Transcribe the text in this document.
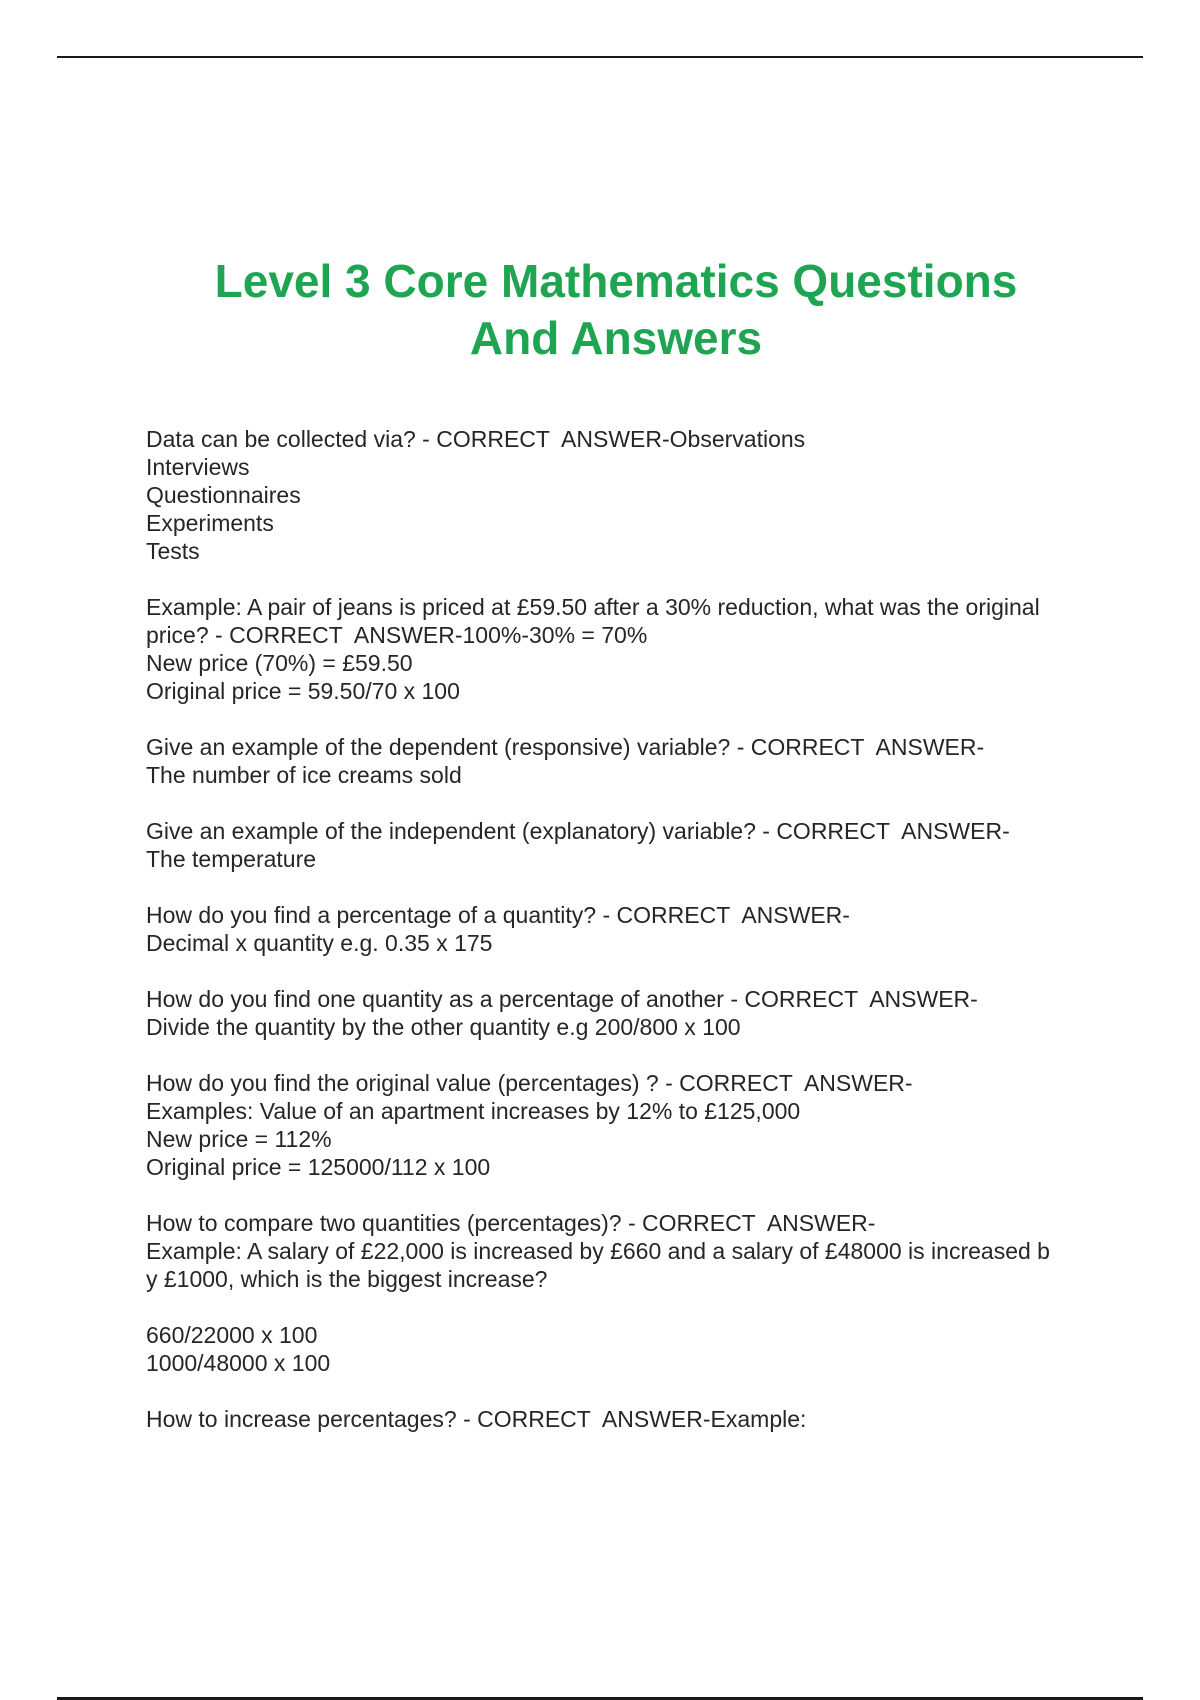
Level 3 Core Mathematics Questions
And Answers
Data can be collected via? - CORRECT  ANSWER-Observations
Interviews
Questionnaires
Experiments
Tests
Example: A pair of jeans is priced at £59.50 after a 30% reduction, what was the original
price? - CORRECT  ANSWER-100%-30% = 70%
New price (70%) = £59.50
Original price = 59.50/70 x 100
Give an example of the dependent (responsive) variable? - CORRECT  ANSWER-
The number of ice creams sold
Give an example of the independent (explanatory) variable? - CORRECT  ANSWER-
The temperature
How do you find a percentage of a quantity? - CORRECT  ANSWER-
Decimal x quantity e.g. 0.35 x 175
How do you find one quantity as a percentage of another - CORRECT  ANSWER-
Divide the quantity by the other quantity e.g 200/800 x 100
How do you find the original value (percentages) ? - CORRECT  ANSWER-
Examples: Value of an apartment increases by 12% to £125,000
New price = 112%
Original price = 125000/112 x 100
How to compare two quantities (percentages)? - CORRECT  ANSWER-
Example: A salary of £22,000 is increased by £660 and a salary of £48000 is increased b
y £1000, which is the biggest increase?
660/22000 x 100
1000/48000 x 100
How to increase percentages? - CORRECT  ANSWER-Example:
